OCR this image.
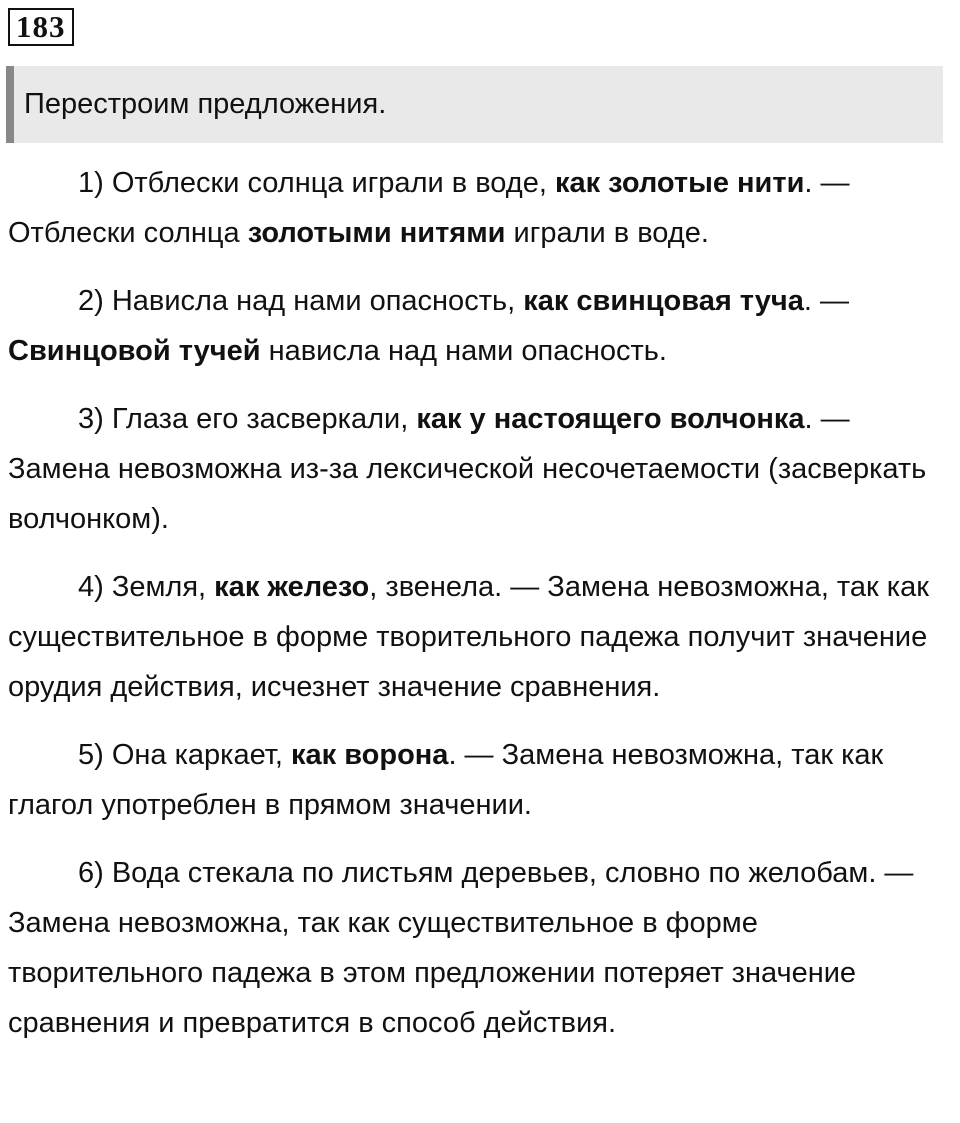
183
Перестроим предложения.

1) Отблески солнца играли в воде, как золотые нити. — Отблески солнца золотыми нитями играли в воде.

2) Нависла над нами опасность, как свинцовая туча. — Свинцовой тучей нависла над нами опасность.

3) Глаза его засверкали, как у настоящего волчонка. — Замена невозможна из-за лексической несочетаемости (засверкать волчонком).

4) Земля, как железо, звенела. — Замена невозможна, так как существительное в форме творительного падежа получит значение орудия действия, исчезнет значение сравнения.

5) Она каркает, как ворона. — Замена невозможна, так как глагол употреблен в прямом значении.

6) Вода стекала по листьям деревьев, словно по желобам. — Замена невозможна, так как существительное в форме творительного падежа в этом предложении потеряет значение сравнения и превратится в способ действия.
